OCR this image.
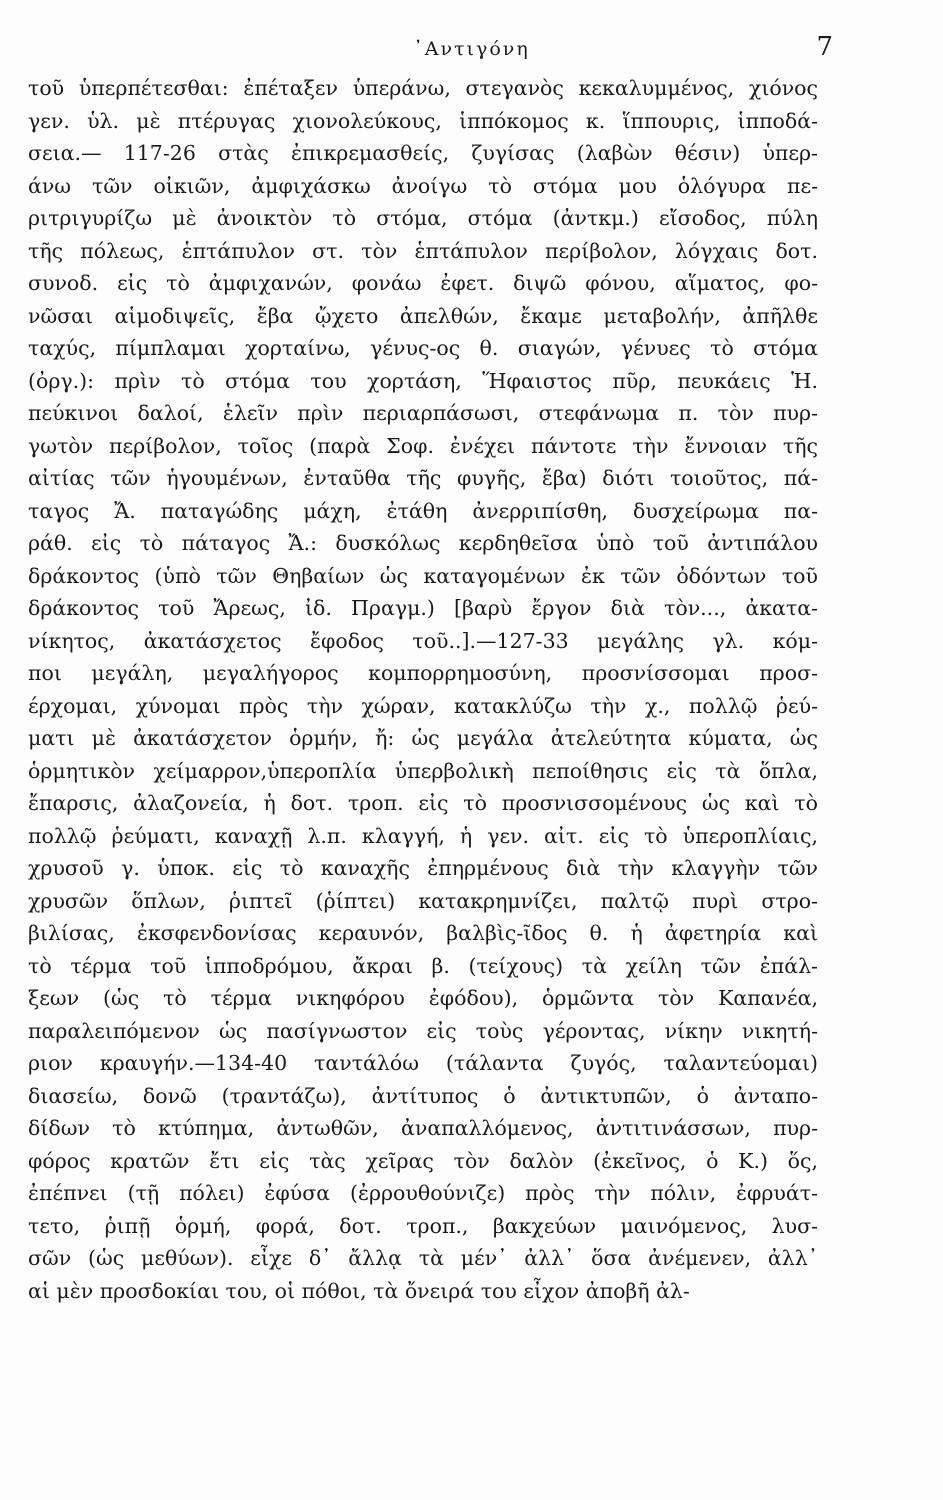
᾿Αντιγόνη	7
τοῦ ὑπερπέτεσθαι: ἐπέταξεν ὑπεράνω, στεγανὸς κεκαλυμμένος, χιόνος
γεν. ὑλ. μὲ πτέρυγας χιονολεύκους, ἱππόκομος κ. ἵππουρις, ἱπποδά-
σεια.— 117-26 στὰς ἐπικρεμασθείς, ζυγίσας (λαβὼν θέσιν) ὑπερ-
άνω τῶν οἰκιῶν, ἀμφιχάσκω ἀνοίγω τὸ στόμα μου ὁλόγυρα πε-
ριτριγυρίζω μὲ ἀνοικτὸν τὸ στόμα, στόμα (ἀντκμ.) εἴσοδος, πύλη
τῆς πόλεως, ἑπτάπυλον στ. τὸν ἑπτάπυλον περίβολον, λόγχαις δοτ.
συνοδ. εἰς τὸ ἀμφιχανών, φονάω ἐφετ. διψῶ φόνου, αἵματος, φο-
νῶσαι αἱμοδιψεῖς, ἔβα ᾤχετο ἀπελθών, ἔκαμε μεταβολήν, ἀπῆλθε
ταχύς, πίμπλαμαι χορταίνω, γένυς-ος θ. σιαγών, γένυες τὸ στόμα
(ὀργ.): πρὶν τὸ στόμα του χορτάση, Ἥφαιστος πῦρ, πευκάεις Ἡ.
πεύκινοι δαλοί, ἑλεῖν πρὶν περιαρπάσωσι, στεφάνωμα π. τὸν πυρ-
γωτὸν περίβολον, τοῖος (παρὰ Σοφ. ἐνέχει πάντοτε τὴν ἔννοιαν τῆς
αἰτίας τῶν ἡγουμένων, ἐνταῦθα τῆς φυγῆς, ἔβα) διότι τοιοῦτος, πά-
ταγος Ἄ. παταγώδης μάχη, ἐτάθη ἀνερριπίσθη, δυσχείρωμα πα-
ράθ. εἰς τὸ πάταγος Ἄ.: δυσκόλως κερδηθεῖσα ὑπὸ τοῦ ἀντιπάλου
δράκοντος (ὑπὸ τῶν Θηβαίων ὡς καταγομένων ἐκ τῶν ὀδόντων τοῦ
δράκοντος τοῦ Ἄρεως, ἰδ. Πραγμ.) [βαρὺ ἔργον διὰ τὸν..., ἀκατα-
νίκητος, ἀκατάσχετος ἔφοδος τοῦ..].—127-33 μεγάλης γλ. κόμ-
ποι μεγάλη, μεγαλήγορος κομπορρημοσύνη, προσνίσσομαι προσ-
έρχομαι, χύνομαι πρὸς τὴν χώραν, κατακλύζω τὴν χ., πολλῷ ῥεύ-
ματι μὲ ἀκατάσχετον ὁρμήν, ἤ: ὡς μεγάλα ἀτελεύτητα κύματα, ὡς
ὁρμητικὸν χείμαρρον,ὑπεροπλία ὑπερβολικὴ πεποίθησις εἰς τὰ ὅπλα,
ἔπαρσις, ἀλαζονεία, ἡ δοτ. τροπ. εἰς τὸ προσνισσομένους ὡς καὶ τὸ
πολλῷ ῥεύματι, καναχῇ λ.π. κλαγγή, ἡ γεν. αἰτ. εἰς τὸ ὑπεροπλίαις,
χρυσοῦ γ. ὑποκ. εἰς τὸ καναχῆς ἐπηρμένους διὰ τὴν κλαγγὴν τῶν
χρυσῶν ὅπλων, ῥιπτεῖ (ῥίπτει) κατακρημνίζει, παλτῷ πυρὶ στρο-
βιλίσας, ἐκσφενδονίσας κεραυνόν, βαλβὶς-ῖδος θ. ἡ ἀφετηρία καὶ
τὸ τέρμα τοῦ ἱπποδρόμου, ἄκραι β. (τείχους) τὰ χείλη τῶν ἐπάλ-
ξεων (ὡς τὸ τέρμα νικηφόρου ἐφόδου), ὁρμῶντα τὸν Καπανέα,
παραλειπόμενον ὡς πασίγνωστον εἰς τοὺς γέροντας, νίκην νικητή-
ριον κραυγήν.—134-40 ταντάλόω (τάλαντα ζυγός, ταλαντεύομαι)
διασείω, δονῶ (τραντάζω), ἀντίτυπος ὁ ἀντικτυπῶν, ὁ ἀνταπο-
δίδων τὸ κτύπημα, ἀντωθῶν, ἀναπαλλόμενος, ἀντιτινάσσων, πυρ-
φόρος κρατῶν ἔτι εἰς τὰς χεῖρας τὸν δαλὸν (ἐκεῖνος, ὁ Κ.) ὅς,
ἐπέπνει (τῇ πόλει) ἐφύσα (ἐρρουθούνιζε) πρὸς τὴν πόλιν, ἐφρυάτ-
τετο, ῥιπῇ ὁρμή, φορά, δοτ. τροπ., βακχεύων μαινόμενος, λυσ-
σῶν (ὡς μεθύων). εἶχε δ᾽ ἄλλᾳ τὰ μέν᾽ ἀλλ᾽ ὅσα ἀνέμενεν, ἀλλ᾽
αἱ μὲν προσδοκίαι του, οἱ πόθοι, τὰ ὄνειρά του εἶχον ἀποβῆ ἀλ-
